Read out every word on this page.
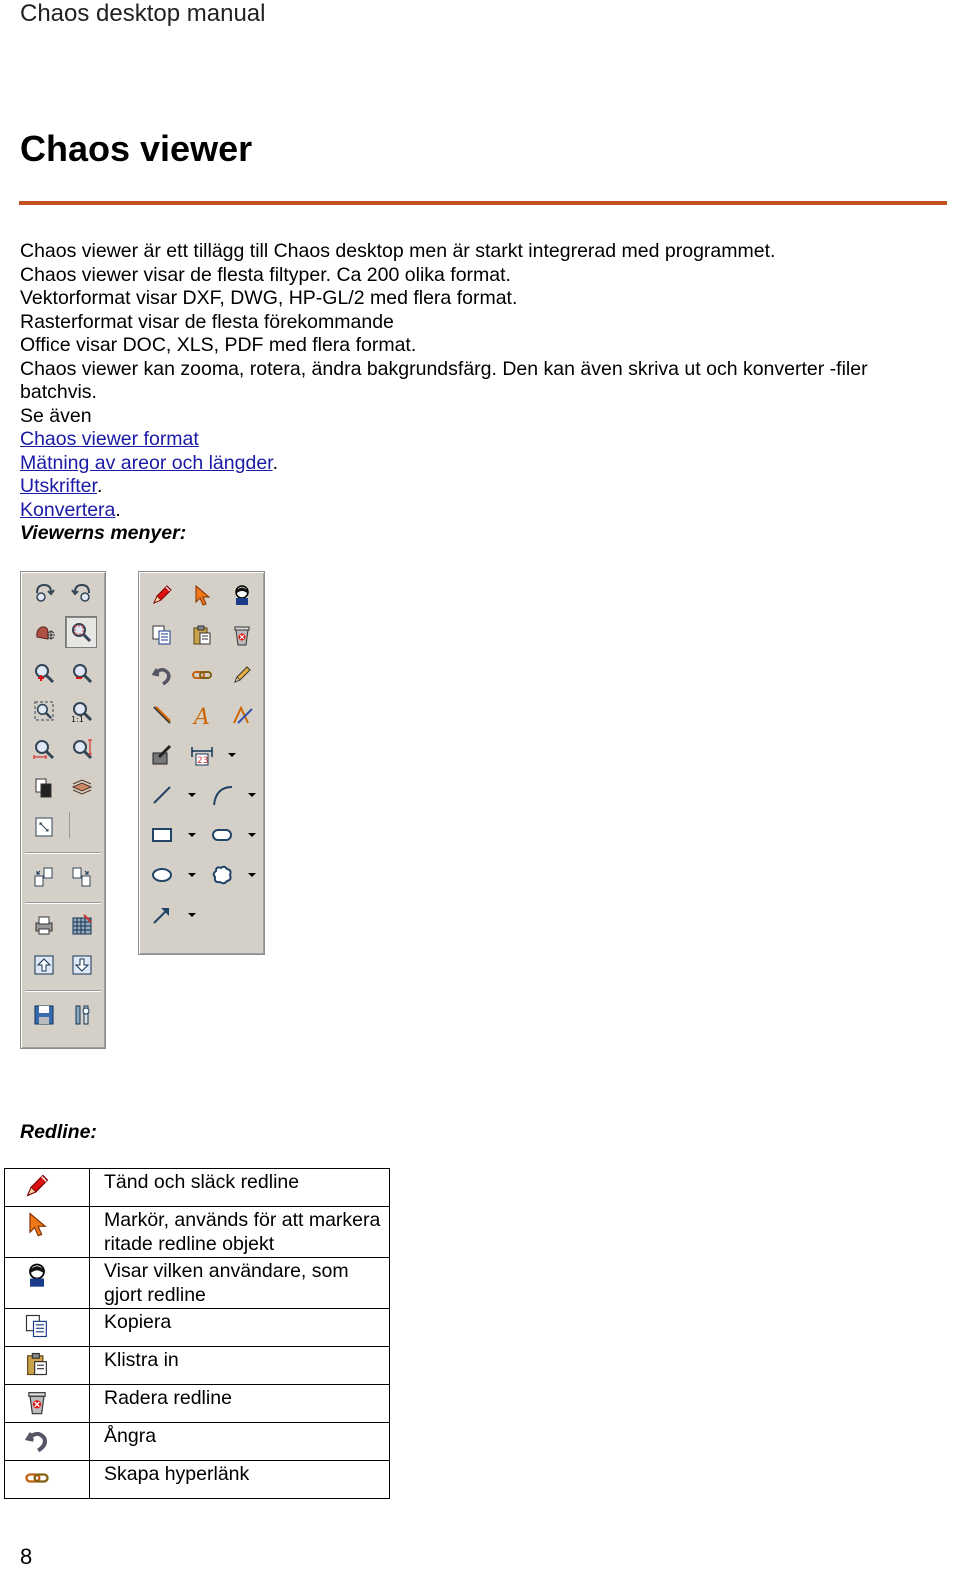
Chaos desktop manual
Chaos viewer
Chaos viewer är ett tillägg till Chaos desktop men är starkt integrerad med programmet.
Chaos viewer visar de flesta filtyper. Ca 200 olika format.
Vektorformat visar DXF, DWG, HP-GL/2 med flera format.
Rasterformat visar de flesta förekommande
Office visar DOC, XLS, PDF med flera format.
Chaos viewer kan zooma, rotera, ändra bakgrundsfärg. Den kan även skriva ut och konverter -filer batchvis.
Se även
Chaos viewer format
Mätning av areor och längder.
Utskrifter.
Konvertera.
Viewerns menyer:
1:1	A
23
Redline:
	Tänd och släck redline
	Markör, används för att markera ritade redline objekt
	Visar vilken användare, som gjort redline
	Kopiera
	Klistra in
	Radera redline
	Ångra
	Skapa hyperlänk
8
